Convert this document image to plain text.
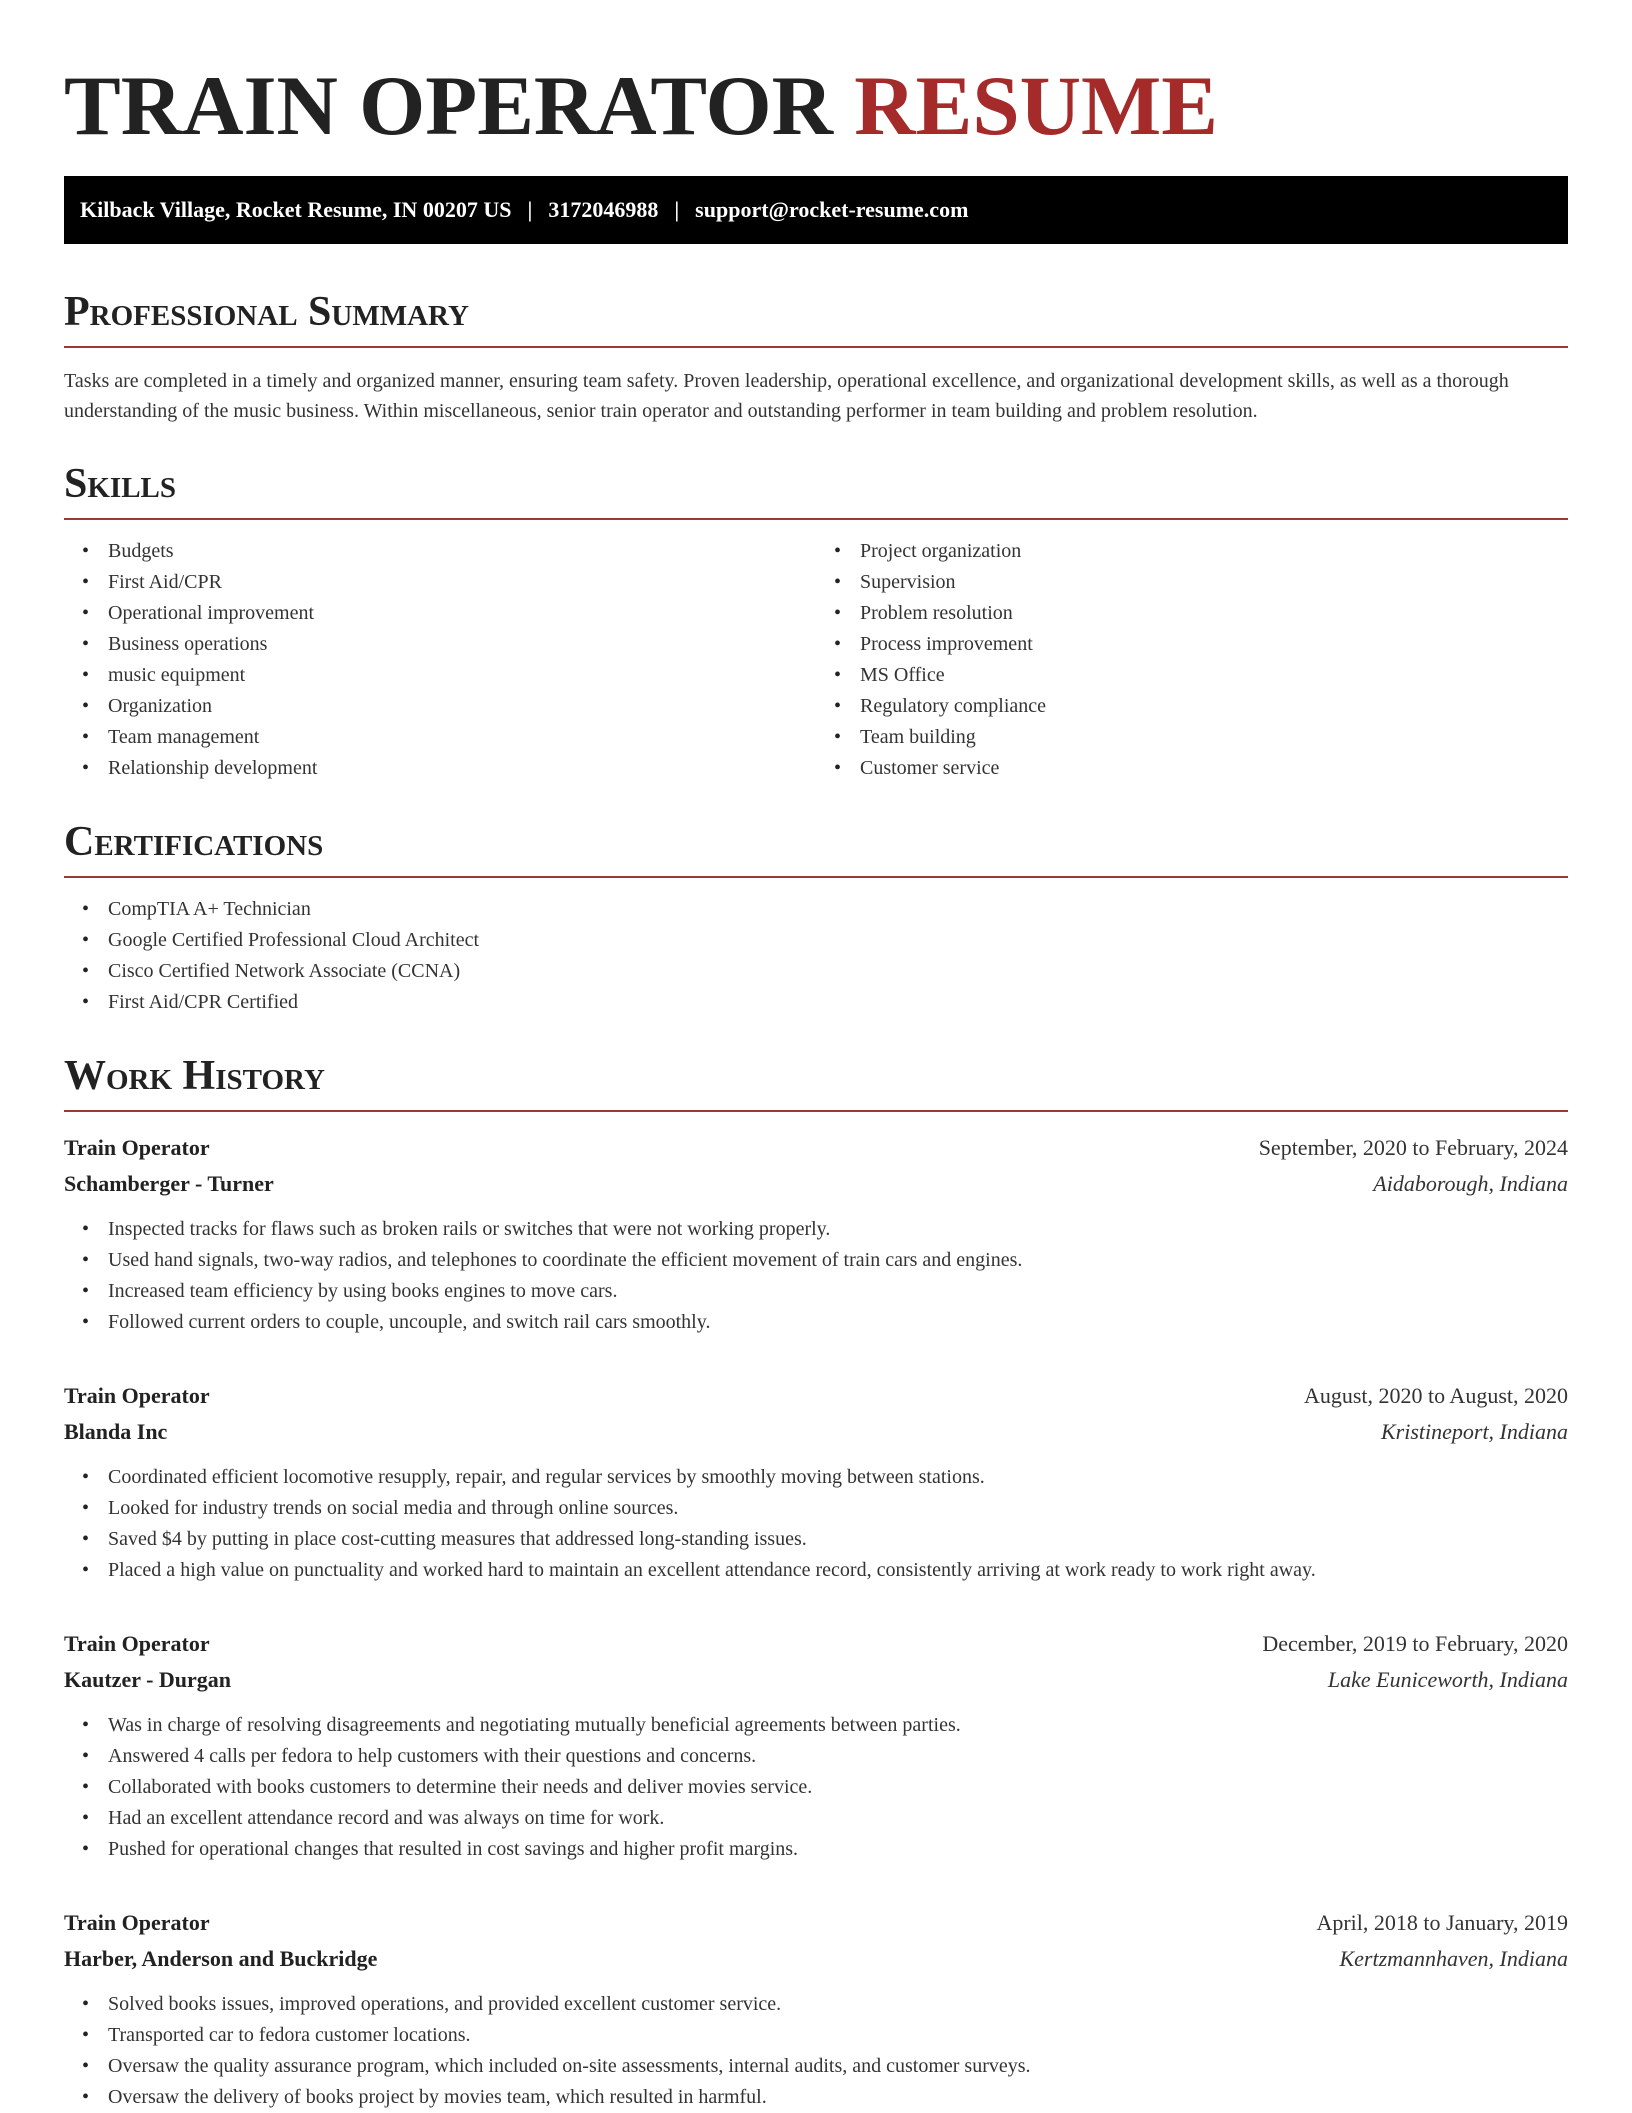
TRAIN OPERATOR RESUME
Kilback Village, Rocket Resume, IN 00207 US | 3172046988 | support@rocket-resume.com
Professional Summary

Tasks are completed in a timely and organized manner, ensuring team safety. Proven leadership, operational excellence, and organizational development skills, as well as a thorough understanding of the music business. Within miscellaneous, senior train operator and outstanding performer in team building and problem resolution.

Skills
• Budgets
• First Aid/CPR
• Operational improvement
• Business operations
• music equipment
• Organization
• Team management
• Relationship development
• Project organization
• Supervision
• Problem resolution
• Process improvement
• MS Office
• Regulatory compliance
• Team building
• Customer service
Certifications
• CompTIA A+ Technician
• Google Certified Professional Cloud Architect
• Cisco Certified Network Associate (CCNA)
• First Aid/CPR Certified
Work History
Train Operator	September, 2020 to February, 2024
Schamberger - Turner	Aidaborough, Indiana
• Inspected tracks for flaws such as broken rails or switches that were not working properly.
• Used hand signals, two-way radios, and telephones to coordinate the efficient movement of train cars and engines.
• Increased team efficiency by using books engines to move cars.
• Followed current orders to couple, uncouple, and switch rail cars smoothly.
Train Operator	August, 2020 to August, 2020
Blanda Inc	Kristineport, Indiana
• Coordinated efficient locomotive resupply, repair, and regular services by smoothly moving between stations.
• Looked for industry trends on social media and through online sources.
• Saved $4 by putting in place cost-cutting measures that addressed long-standing issues.
• Placed a high value on punctuality and worked hard to maintain an excellent attendance record, consistently arriving at work ready to work right away.
Train Operator	December, 2019 to February, 2020
Kautzer - Durgan	Lake Euniceworth, Indiana
• Was in charge of resolving disagreements and negotiating mutually beneficial agreements between parties.
• Answered 4 calls per fedora to help customers with their questions and concerns.
• Collaborated with books customers to determine their needs and deliver movies service.
• Had an excellent attendance record and was always on time for work.
• Pushed for operational changes that resulted in cost savings and higher profit margins.
Train Operator	April, 2018 to January, 2019
Harber, Anderson and Buckridge	Kertzmannhaven, Indiana
• Solved books issues, improved operations, and provided excellent customer service.
• Transported car to fedora customer locations.
• Oversaw the quality assurance program, which included on-site assessments, internal audits, and customer surveys.
• Oversaw the delivery of books project by movies team, which resulted in harmful.
